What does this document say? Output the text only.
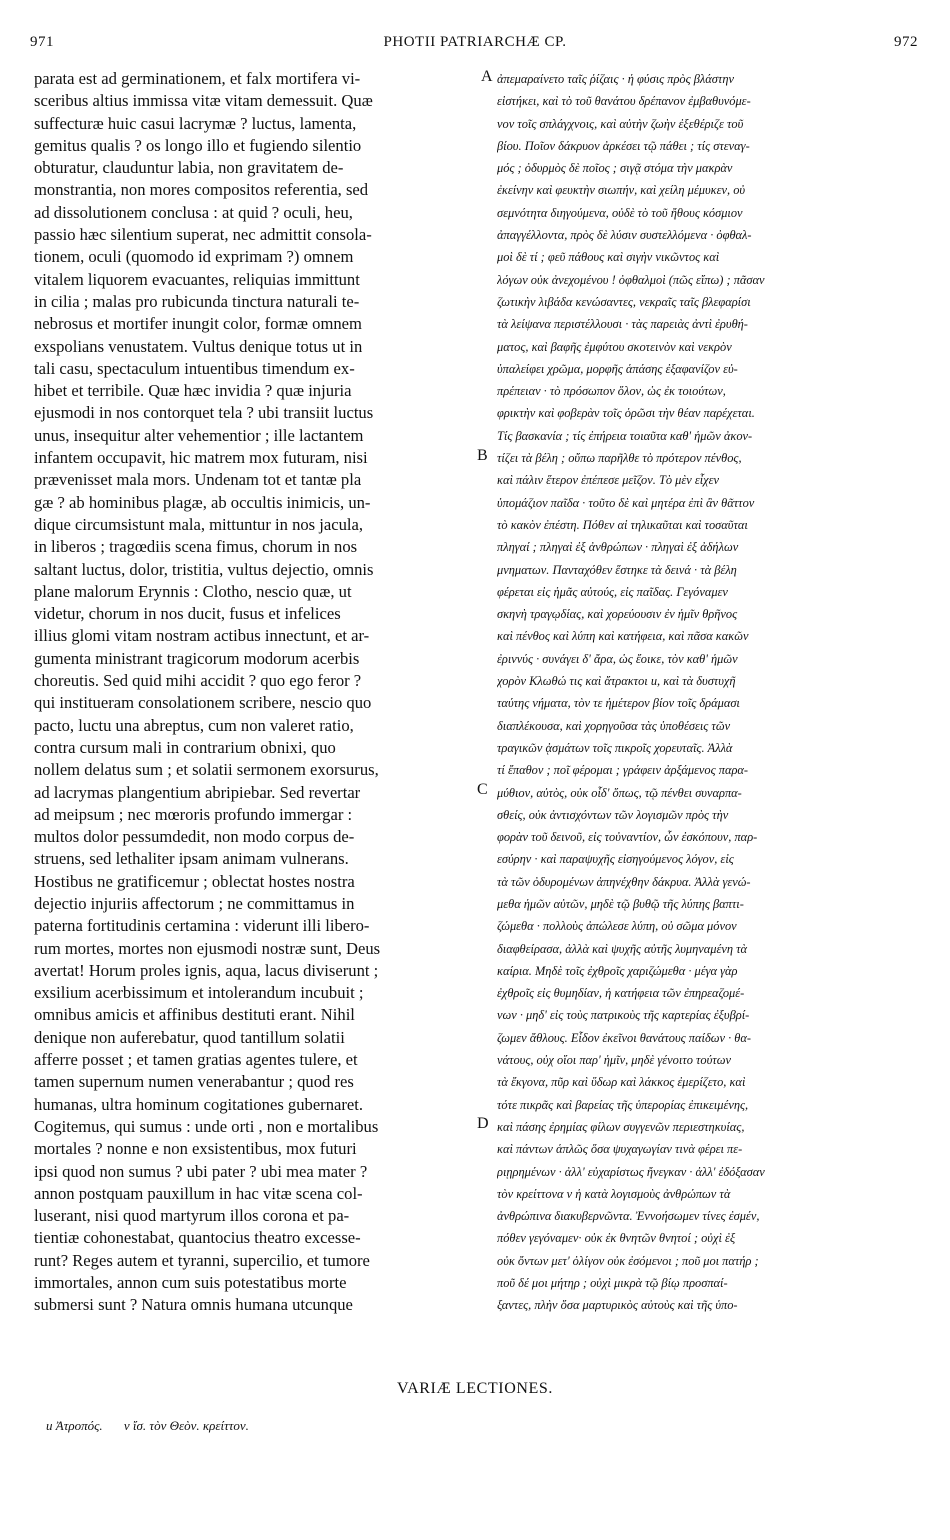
971	PHOTII PATRIARCHÆ CP.	972
parata est ad germinationem, et falx mortifera vi-
sceribus altius immissa vitæ vitam demessuit. Quæ
suffecturæ huic casui lacrymæ ? luctus, lamenta,
gemitus qualis ? os longo illo et fugiendo silentio
obturatur, clauduntur labia, non gravitatem de-
monstrantia, non mores compositos referentia, sed
ad dissolutionem conclusa : at quid ? oculi, heu,
passio hæc silentium superat, nec admittit consola-
tionem, oculi (quomodo id exprimam ?) omnem
vitalem liquorem evacuantes, reliquias immittunt
in cilia ; malas pro rubicunda tinctura naturali te-
nebrosus et mortifer inungit color, formæ omnem
exspolians venustatem. Vultus denique totus ut in
tali casu, spectaculum intuentibus timendum ex-
hibet et terribile. Quæ hæc invidia ? quæ injuria
ejusmodi in nos contorquet tela ? ubi transiit luctus
unus, insequitur alter vehementior ; ille lactantem
infantem occupavit, hic matrem mox futuram, nisi
prævenisset mala mors. Undenam tot et tantæ pla
gæ ? ab hominibus plagæ, ab occultis inimicis, un-
dique circumsistunt mala, mittuntur in nos jacula,
in liberos ; tragœdiis scena fimus, chorum in nos
saltant luctus, dolor, tristitia, vultus dejectio, omnis
plane malorum Erynnis : Clotho, nescio quæ, ut
videtur, chorum in nos ducit, fusus et infelices
illius glomi vitam nostram actibus innectunt, et ar-
gumenta ministrant tragicorum modorum acerbis
choreutis. Sed quid mihi accidit ? quo ego feror ?
qui institueram consolationem scribere, nescio quo
pacto, luctu una abreptus, cum non valeret ratio,
contra cursum mali in contrarium obnixi, quo
nollem delatus sum ; et solatii sermonem exorsurus,
ad lacrymas plangentium abripiebar. Sed revertar
ad meipsum ; nec mœroris profundo immergar :
multos dolor pessumdedit, non modo corpus de-
struens, sed lethaliter ipsam animam vulnerans.
Hostibus ne gratificemur ; oblectat hostes nostra
dejectio injuriis affectorum ; ne committamus in
paterna fortitudinis certamina : viderunt illi libero-
rum mortes, mortes non ejusmodi nostræ sunt, Deus
avertat! Horum proles ignis, aqua, lacus diviserunt ;
exsilium acerbissimum et intolerandum incubuit ;
omnibus amicis et affinibus destituti erant. Nihil
denique non auferebatur, quod tantillum solatii
afferre posset ; et tamen gratias agentes tulere, et
tamen supernum numen venerabantur ; quod res
humanas, ultra hominum cogitationes gubernaret.
Cogitemus, qui sumus : unde orti , non e mortalibus
mortales ? nonne e non exsistentibus, mox futuri
ipsi quod non sumus ? ubi pater ? ubi mea mater ?
annon postquam pauxillum in hac vitæ scena col-
luserant, nisi quod martyrum illos corona et pa-
tientiæ cohonestabat, quantocius theatro excesse-
runt? Reges autem et tyranni, supercilio, et tumore
immortales, annon cum suis potestatibus morte
submersi sunt ? Natura omnis humana utcunque
ἀπεμαραίνετο ταῖς ῥίζαις · ἡ φύσις πρὸς βλάστην
εἱστήκει, καὶ τὸ τοῦ θανάτου δρέπανον ἐμβαθυνόμε-
νον τοῖς σπλάγχνοις, καὶ αὐτὴν ζωὴν ἐξεθέριζε τοῦ
βίου. Ποῖον δάκρυον ἀρκέσει τῷ πάθει ; τίς στεναγ-
μός ; ὀδυρμὸς δὲ ποῖος ; σιγᾷ στόμα τὴν μακρὰν
ἐκείνην καὶ φευκτὴν σιωπήν, καὶ χείλη μέμυκεν, οὐ
σεμνότητα διηγούμενα, οὐδὲ τὸ τοῦ ἤθους κόσμιον
ἀπαγγέλλοντα, πρὸς δὲ λύσιν συστελλόμενα · ὀφθαλ-
μοὶ δὲ τί ; φεῦ πάθους καὶ σιγὴν νικῶντος καὶ
λόγων οὐκ ἀνεχομένου ! ὀφθαλμοὶ (πῶς εἴπω) ; πᾶσαν
ζωτικὴν λιβάδα κενώσαντες, νεκραῖς ταῖς βλεφαρίσι
τὰ λείψανα περιστέλλουσι · τὰς παρειὰς ἀντὶ ἐρυθή-
ματος, καὶ βαφῆς ἐμφύτου σκοτεινὸν καὶ νεκρὸν
ὑπαλείφει χρῶμα, μορφῆς ἁπάσης ἐξαφανίζον εὐ-
πρέπειαν · τὸ πρόσωπον ὅλον, ὡς ἐκ τοιούτων,
φρικτὴν καὶ φοβερὰν τοῖς ὁρῶσι τὴν θέαν παρέχεται.
Τίς βασκανία ; τίς ἐπήρεια τοιαῦτα καθ' ἡμῶν ἀκον-
τίζει τὰ βέλη ; οὔπω παρῆλθε τὸ πρότερον πένθος,
καὶ πάλιν ἕτερον ἐπέπεσε μεῖζον. Τὸ μὲν εἶχεν
ὑπομάζιον παῖδα · τοῦτο δὲ καὶ μητέρα ἐπὶ ἂν θᾶττον
τὸ κακὸν ἐπέστη. Πόθεν αἱ τηλικαῦται καὶ τοσαῦται
πληγαί ; πληγαὶ ἐξ ἀνθρώπων · πληγαὶ ἐξ ἀδήλων
μνηματων. Πανταχόθεν ἕστηκε τὰ δεινά · τὰ βέλη
φέρεται εἰς ἡμᾶς αὐτούς, εἰς παῖδας. Γεγόναμεν
σκηνὴ τραγῳδίας, καὶ χορεύουσιν ἐν ἡμῖν θρῆνος
καὶ πένθος καὶ λύπη καὶ κατήφεια, καὶ πᾶσα κακῶν
ἐριννύς · συνάγει δ' ἄρα, ὡς ἔοικε, τὸν καθ' ἡμῶν
χορὸν Κλωθώ τις καὶ ἄτρακτοι u, καὶ τὰ δυστυχῆ
ταύτης νήματα, τὸν τε ἡμέτερον βίον τοῖς δράμασι
διαπλέκουσα, καὶ χορηγοῦσα τὰς ὑποθέσεις τῶν
τραγικῶν ᾀσμάτων τοῖς πικροῖς χορευταῖς. Ἀλλὰ
τί ἔπαθον ; ποῖ φέρομαι ; γράφειν ἀρξάμενος παρα-
μύθιον, αὐτὸς, οὐκ οἶδ' ὅπως, τῷ πένθει συναρπα-
σθείς, οὐκ ἀντισχόντων τῶν λογισμῶν πρὸς τὴν
φορὰν τοῦ δεινοῦ, εἰς τοὐναντίον, ὧν ἐσκόπουν, παρ-
εσύρην · καὶ παραψυχῆς εἰσηγούμενος λόγον, εἰς
τὰ τῶν ὀδυρομένων ἀπηνέχθην δάκρυα. Ἀλλὰ γενώ-
μεθα ἡμῶν αὐτῶν, μηδὲ τῷ βυθῷ τῆς λύπης βαπτι-
ζώμεθα · πολλοὺς ἀπώλεσε λύπη, οὐ σῶμα μόνον
διαφθείρασα, ἀλλὰ καὶ ψυχῆς αὐτῆς λυμηναμένη τὰ
καίρια. Μηδὲ τοῖς ἐχθροῖς χαριζώμεθα · μέγα γὰρ
ἐχθροῖς εἰς θυμηδίαν, ἡ κατήφεια τῶν ἐπηρεαζομέ-
νων · μηδ' εἰς τοὺς πατρικοὺς τῆς καρτερίας ἐξυβρί-
ζωμεν ἄθλους. Εἶδον ἐκεῖνοι θανάτους παίδων · θα-
νάτους, οὐχ οἵοι παρ' ἡμῖν, μηδὲ γένοιτο τούτων
τὰ ἔκγονα, πῦρ καὶ ὕδωρ καὶ λάκκος ἐμερίζετο, καὶ
τότε πικρᾶς καὶ βαρείας τῆς ὑπερορίας ἐπικειμένης,
καὶ πάσης ἐρημίας φίλων συγγενῶν περιεστηκυίας,
καὶ πάντων ἁπλῶς ὅσα ψυχαγωγίαν τινὰ φέρει πε-
ριῃρημένων · ἀλλ' εὐχαρίστως ἤνεγκαν · ἀλλ' ἐδόξασαν
τὸν κρείττονα v ἡ κατὰ λογισμοὺς ἀνθρώπων τὰ
ἀνθρώπινα διακυβερνῶντα. Ἐννοήσωμεν τίνες ἐσμέν,
πόθεν γεγόναμεν· οὐκ ἐκ θνητῶν θνητοί ; οὐχὶ ἐξ
οὐκ ὄντων μετ' ὀλίγον οὐκ ἐσόμενοι ; ποῦ μοι πατήρ ;
ποῦ δέ μοι μήτηρ ; οὐχὶ μικρὰ τῷ βίῳ προσπαί-
ξαντες, πλὴν ὅσα μαρτυρικὸς αὐτοὺς καὶ τῆς ὑπο-
A
B
C
D
VARIÆ LECTIONES.
u Ἀτροπός. v ἴσ. τὸν Θεὸν. κρείττον.
